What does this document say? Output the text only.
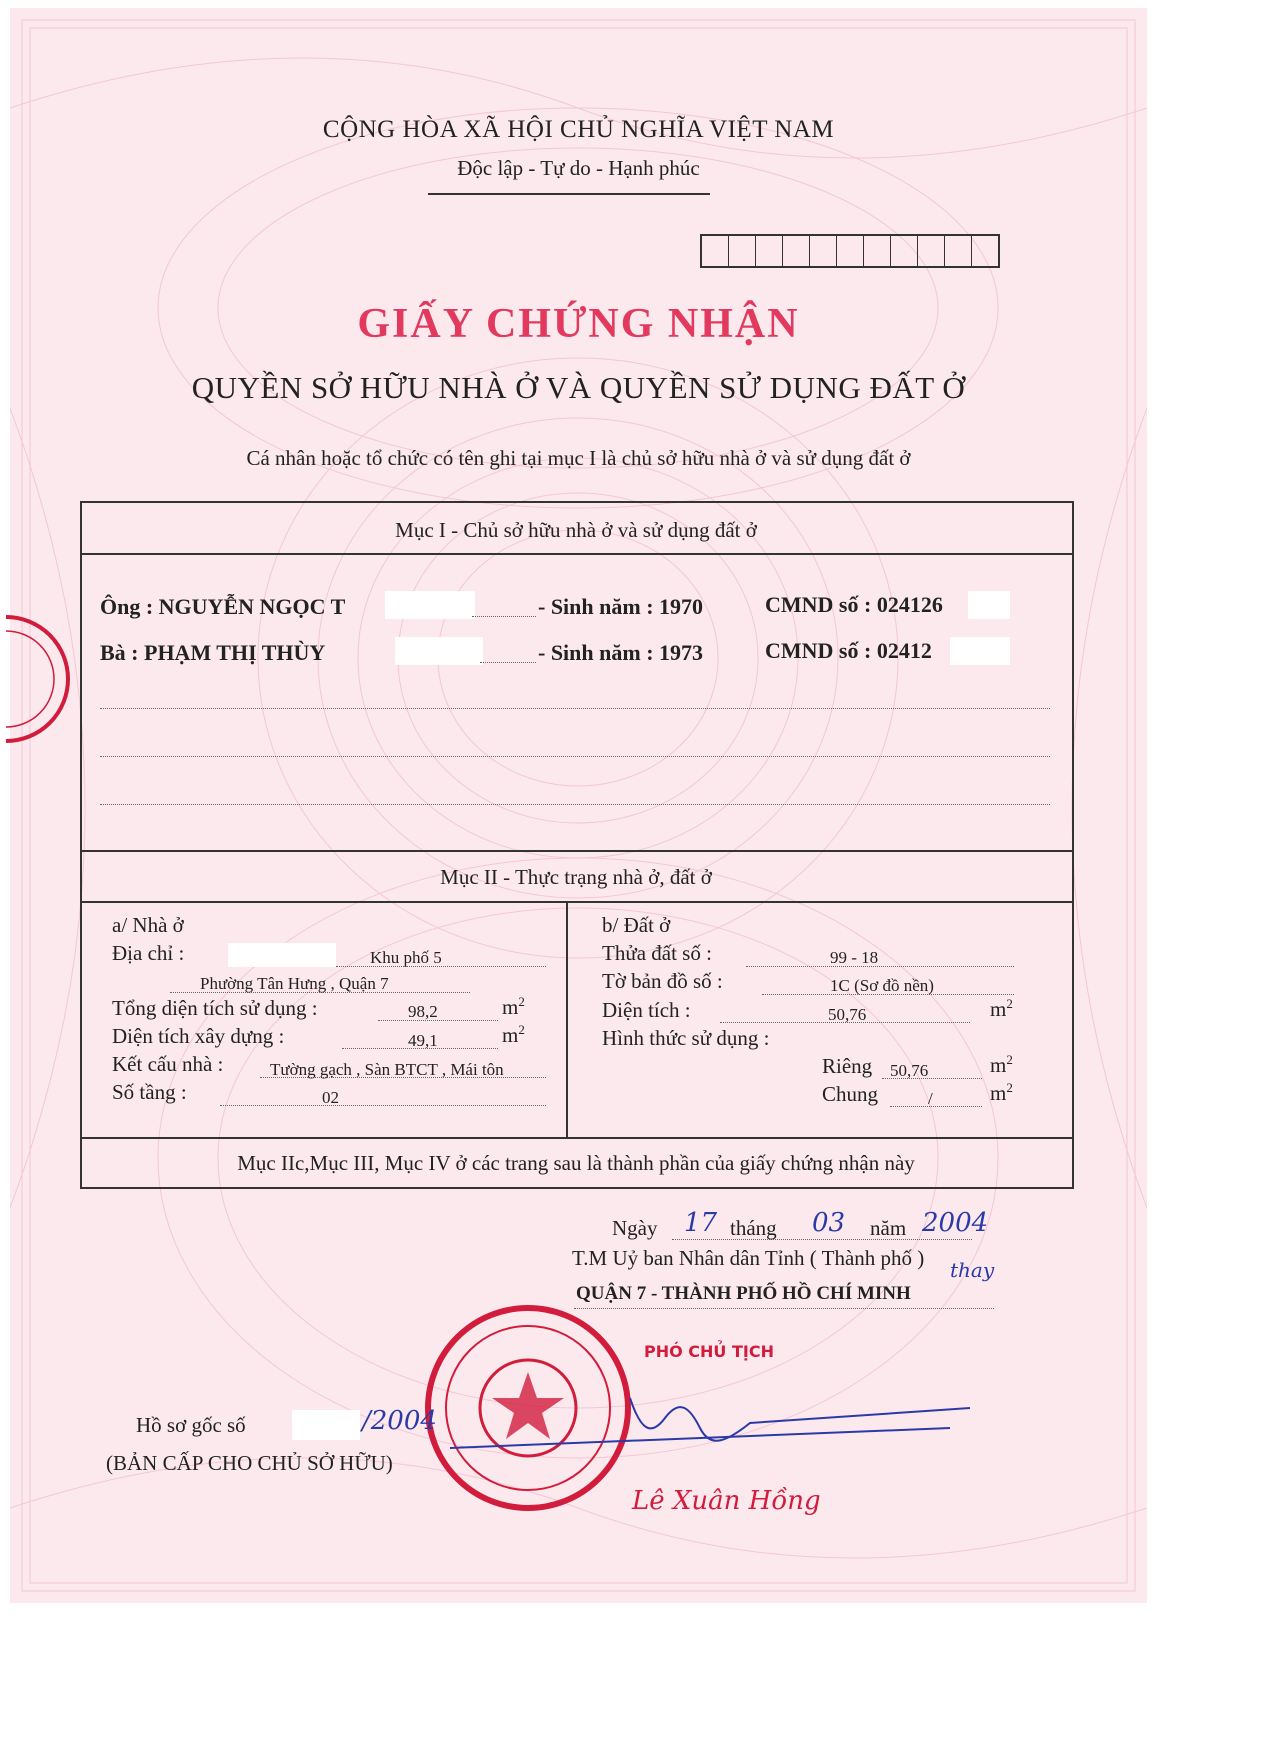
CỘNG HÒA XÃ HỘI CHỦ NGHĨA VIỆT NAM
Độc lập - Tự do - Hạnh phúc
GIẤY CHỨNG NHẬN
QUYỀN SỞ HỮU NHÀ Ở VÀ QUYỀN SỬ DỤNG ĐẤT Ở
Cá nhân hoặc tổ chức có tên ghi tại mục I là chủ sở hữu nhà ở và sử dụng đất ở
Mục I - Chủ sở hữu nhà ở và sử dụng đất ở
Ông : NGUYỄN NGỌC T	- Sinh năm : 1970	CMND số : 024126
Bà : PHẠM THỊ THÙY	- Sinh năm : 1973	CMND số : 02412
Mục II - Thực trạng nhà ở, đất ở
a/ Nhà ở
Địa chỉ :	Khu phố 5
Phường Tân Hưng , Quận 7
Tổng diện tích sử dụng :	98,2	$m^2$
Diện tích xây dựng :	49,1	$m^2$
Kết cấu nhà :	Tường gạch , Sàn BTCT , Mái tôn
Số tầng :	02
b/ Đất ở
Thửa đất số :	99 - 18
Tờ bản đồ số :	1C (Sơ đồ nền)
Diện tích :	50,76	$m^2$
Hình thức sử dụng :
Riêng 50,76	$m^2$
Chung	/	$m^2$
Mục IIc,Mục III, Mục IV ở các trang sau là thành phần của giấy chứng nhận này
Ngày 17 tháng 03 năm 2004
T.M Uỷ ban Nhân dân Tỉnh ( Thành phố )
QUẬN 7 - THÀNH PHỐ HỒ CHÍ MINH
thay
PHÓ CHỦ TỊCH
Lê Xuân Hồng
Hồ sơ gốc số	/2004
(BẢN CẤP CHO CHỦ SỞ HỮU)
